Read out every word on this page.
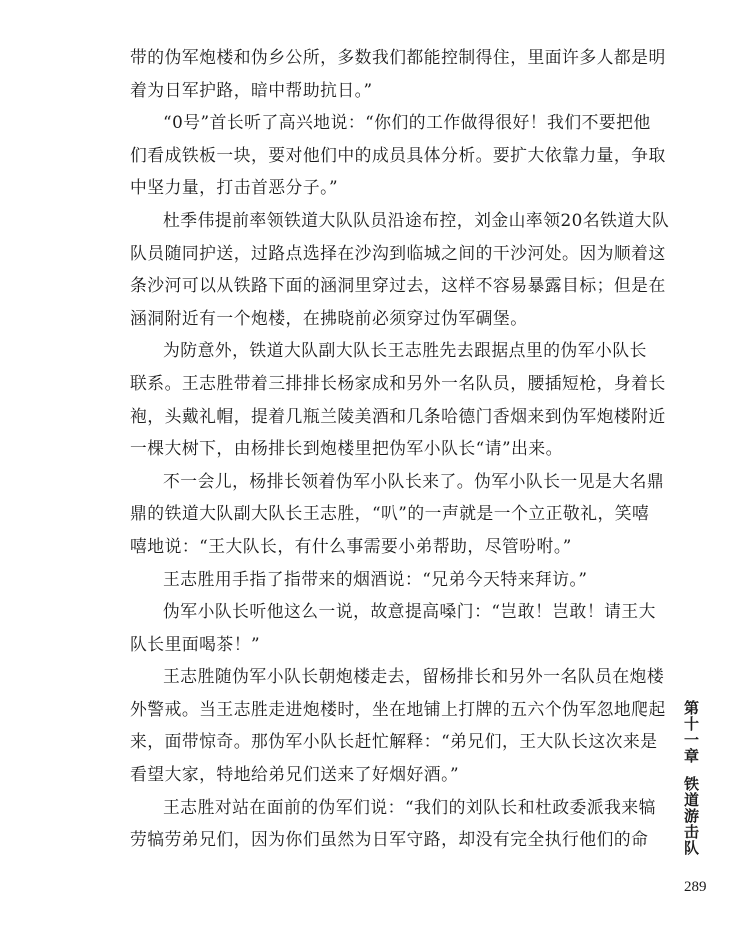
带的伪军炮楼和伪乡公所，多数我们都能控制得住，里面许多人都是明
着为日军护路，暗中帮助抗日。”
“0号”首长听了高兴地说：“你们的工作做得很好！我们不要把他
们看成铁板一块，要对他们中的成员具体分析。要扩大依靠力量，争取
中坚力量，打击首恶分子。”
杜季伟提前率领铁道大队队员沿途布控，刘金山率领20名铁道大队
队员随同护送，过路点选择在沙沟到临城之间的干沙河处。因为顺着这
条沙河可以从铁路下面的涵洞里穿过去，这样不容易暴露目标；但是在
涵洞附近有一个炮楼，在拂晓前必须穿过伪军碉堡。
为防意外，铁道大队副大队长王志胜先去跟据点里的伪军小队长
联系。王志胜带着三排排长杨家成和另外一名队员，腰插短枪，身着长
袍，头戴礼帽，提着几瓶兰陵美酒和几条哈德门香烟来到伪军炮楼附近
一棵大树下，由杨排长到炮楼里把伪军小队长“请”出来。
不一会儿，杨排长领着伪军小队长来了。伪军小队长一见是大名鼎
鼎的铁道大队副大队长王志胜，“叭”的一声就是一个立正敬礼，笑嘻
嘻地说：“王大队长，有什么事需要小弟帮助，尽管吩咐。”
王志胜用手指了指带来的烟酒说：“兄弟今天特来拜访。”
伪军小队长听他这么一说，故意提高嗓门：“岂敢！岂敢！请王大
队长里面喝茶！”
王志胜随伪军小队长朝炮楼走去，留杨排长和另外一名队员在炮楼
外警戒。当王志胜走进炮楼时，坐在地铺上打牌的五六个伪军忽地爬起
来，面带惊奇。那伪军小队长赶忙解释：“弟兄们，王大队长这次来是
看望大家，特地给弟兄们送来了好烟好酒。”
王志胜对站在面前的伪军们说：“我们的刘队长和杜政委派我来犒
劳犒劳弟兄们，因为你们虽然为日军守路，却没有完全执行他们的命
第十一章铁道游击队
289
